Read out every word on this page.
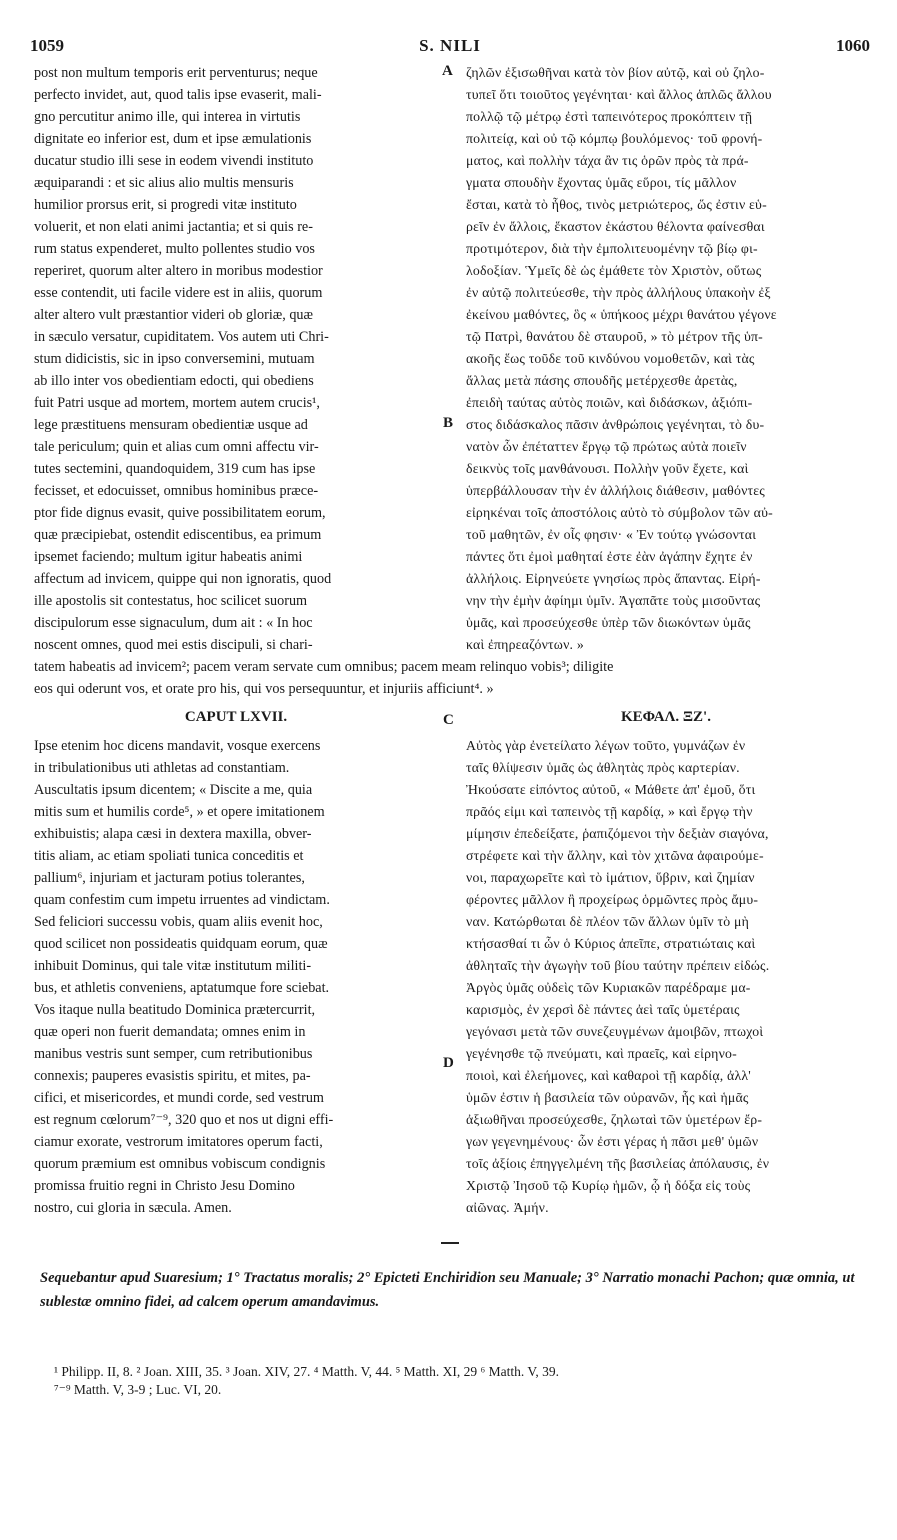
S. NILI
1059	1060
post non multum temporis erit perventurus; neque
perfecto invidet, aut, quod talis ipse evaserit, mali-
gno percutitur animo ille, qui interea in virtutis
dignitate eo inferior est, dum et ipse æmulationis
ducatur studio illi sese in eodem vivendi instituto
æquiparandi : et sic alius alio multis mensuris
humilior prorsus erit, si progredi vitæ instituto
voluerit, et non elati animi jactantia; et si quis re-
rum status expenderet, multo pollentes studio vos
reperiret, quorum alter altero in moribus modestior
esse contendit, uti facile videre est in aliis, quorum
alter altero vult præstantior videri ob gloriæ, quæ
in sæculo versatur, cupiditatem. Vos autem uti Chri-
stum didicistis, sic in ipso conversemini, mutuam
ab illo inter vos obedientiam edocti, qui obediens
fuit Patri usque ad mortem, mortem autem crucis¹,
lege præstituens mensuram obedientiæ usque ad
tale periculum; quin et alias cum omni affectu vir-
tutes sectemini, quandoquidem, 319 cum has ipse
fecisset, et edocuisset, omnibus hominibus præce-
ptor fide dignus evasit, quive possibilitatem eorum,
quæ præcipiebat, ostendit ediscentibus, ea primum
ipsemet faciendo; multum igitur habeatis animi
affectum ad invicem, quippe qui non ignoratis, quod
ille apostolis sit contestatus, hoc scilicet suorum
discipulorum esse signaculum, dum ait : « In hoc
noscent omnes, quod mei estis discipuli, si chari-
ζηλῶν ἐξισωθῆναι κατὰ τὸν βίον αὐτῷ, καὶ οὐ ζηλο-
τυπεῖ ὅτι τοιοῦτος γεγένηται· καὶ ἄλλος ἁπλῶς ἄλλου
πολλῷ τῷ μέτρῳ ἐστὶ ταπεινότερος προκόπτειν τῇ
πολιτείᾳ, καὶ οὐ τῷ κόμπῳ βουλόμενος· τοῦ φρονή-
ματος, καὶ πολλὴν τάχα ἂν τις ὁρῶν πρὸς τὰ πρά-
γματα σπουδὴν ἔχοντας ὑμᾶς εὕροι, τίς μᾶλλον
ἔσται, κατὰ τὸ ἦθος, τινὸς μετριώτερος, ὥς ἐστιν εὑ-
ρεῖν ἐν ἄλλοις, ἕκαστον ἑκάστου θέλοντα φαίνεσθαι
προτιμότερον, διὰ τὴν ἐμπολιτευομένην τῷ βίῳ φι-
λοδοξίαν. Ὑμεῖς δὲ ὡς ἐμάθετε τὸν Χριστὸν, οὕτως
ἐν αὐτῷ πολιτεύεσθε, τὴν πρὸς ἀλλήλους ὑπακοὴν ἐξ
ἐκείνου μαθόντες, ὃς « ὑπήκοος μέχρι θανάτου γέγονε
τῷ Πατρὶ, θανάτου δὲ σταυροῦ, » τὸ μέτρον τῆς ὑπ-
ακοῆς ἕως τοῦδε τοῦ κινδύνου νομοθετῶν, καὶ τὰς
ἄλλας μετὰ πάσης σπουδῆς μετέρχεσθε ἀρετὰς,
ἐπειδὴ ταύτας αὐτὸς ποιῶν, καὶ διδάσκων, ἀξιόπι-
στος διδάσκαλος πᾶσιν ἀνθρώποις γεγένηται, τὸ δυ-
νατὸν ὧν ἐπέταττεν ἔργῳ τῷ πρώτως αὐτὰ ποιεῖν
δεικνὺς τοῖς μανθάνουσι. Πολλὴν γοῦν ἔχετε, καὶ
ὑπερβάλλουσαν τὴν ἐν ἀλλήλοις διάθεσιν, μαθόντες
εἰρηκέναι τοῖς ἀποστόλοις αὐτὸ τὸ σύμβολον τῶν αὐ-
τοῦ μαθητῶν, ἐν οἷς φησιν· « Ἐν τούτῳ γνώσονται
πάντες ὅτι ἐμοὶ μαθηταί ἐστε ἐὰν ἀγάπην ἔχητε ἐν
ἀλλήλοις. Εἰρηνεύετε γνησίως πρὸς ἅπαντας. Εἰρή-
νην τὴν ἐμὴν ἀφίημι ὑμῖν. Ἀγαπᾶτε τοὺς μισοῦντας
ὑμᾶς, καὶ προσεύχεσθε ὑπὲρ τῶν διωκόντων ὑμᾶς
καὶ ἐπηρεαζόντων. »
A
B
tatem habeatis ad invicem²; pacem veram servate cum omnibus; pacem meam relinquo vobis³; diligite
eos qui oderunt vos, et orate pro his, qui vos persequuntur, et injuriis afficiunt⁴. »
CAPUT LXVII.	C	ΚΕΦΑΛ. ΞΖ'.
Ipse etenim hoc dicens mandavit, vosque exercens
in tribulationibus uti athletas ad constantiam.
Auscultatis ipsum dicentem; « Discite a me, quia
mitis sum et humilis corde⁵, » et opere imitationem
exhibuistis; alapa cæsi in dextera maxilla, obver-
titis aliam, ac etiam spoliati tunica conceditis et
pallium⁶, injuriam et jacturam potius tolerantes,
quam confestim cum impetu irruentes ad vindictam.
Sed feliciori successu vobis, quam aliis evenit hoc,
quod scilicet non possideatis quidquam eorum, quæ
inhibuit Dominus, qui tale vitæ institutum militi-
bus, et athletis conveniens, aptatumque fore sciebat.
Vos itaque nulla beatitudo Dominica prætercurrit,
quæ operi non fuerit demandata; omnes enim in
manibus vestris sunt semper, cum retributionibus
connexis; pauperes evasistis spiritu, et mites, pa-
cifici, et misericordes, et mundi corde, sed vestrum
est regnum cœlorum⁷⁻⁹, 320 quo et nos ut digni effi-
ciamur exorate, vestrorum imitatores operum facti,
quorum præmium est omnibus vobiscum condignis
promissa fruitio regni in Christo Jesu Domino
nostro, cui gloria in sæcula. Amen.
Αὐτὸς γὰρ ἐνετείλατο λέγων τοῦτο, γυμνάζων ἐν
ταῖς θλίψεσιν ὑμᾶς ὡς ἀθλητὰς πρὸς καρτερίαν.
Ἠκούσατε εἰπόντος αὐτοῦ, « Μάθετε ἀπ' ἐμοῦ, ὅτι
πρᾶός εἰμι καὶ ταπεινὸς τῇ καρδίᾳ, » καὶ ἔργῳ τὴν
μίμησιν ἐπεδείξατε, ῥαπιζόμενοι τὴν δεξιὰν σιαγόνα,
στρέφετε καὶ τὴν ἄλλην, καὶ τὸν χιτῶνα ἀφαιρούμε-
νοι, παραχωρεῖτε καὶ τὸ ἱμάτιον, ὕβριν, καὶ ζημίαν
φέροντες μᾶλλον ἢ προχείρως ὁρμῶντες πρὸς ἄμυ-
ναν. Κατώρθωται δὲ πλέον τῶν ἄλλων ὑμῖν τὸ μὴ
κτήσασθαί τι ὧν ὁ Κύριος ἀπεῖπε, στρατιώταις καὶ
ἀθληταῖς τὴν ἀγωγὴν τοῦ βίου ταύτην πρέπειν εἰδώς.
Ἀργὸς ὑμᾶς οὐδεὶς τῶν Κυριακῶν παρέδραμε μα-
καρισμὸς, ἐν χερσὶ δὲ πάντες ἀεὶ ταῖς ὑμετέραις
γεγόνασι μετὰ τῶν συνεζευγμένων ἀμοιβῶν, πτωχοὶ
γεγένησθε τῷ πνεύματι, καὶ πραεῖς, καὶ εἰρηνο-
ποιοὶ, καὶ ἐλεήμονες, καὶ καθαροὶ τῇ καρδίᾳ, ἀλλ'
ὑμῶν ἐστιν ἡ βασιλεία τῶν οὐρανῶν, ἧς καὶ ἡμᾶς
ἀξιωθῆναι προσεύχεσθε, ζηλωταὶ τῶν ὑμετέρων ἔρ-
γων γεγενημένους· ὧν ἐστι γέρας ἡ πᾶσι μεθ' ὑμῶν
τοῖς ἀξίοις ἐπηγγελμένη τῆς βασιλείας ἀπόλαυσις, ἐν
Χριστῷ Ἰησοῦ τῷ Κυρίῳ ἡμῶν, ᾧ ἡ δόξα εἰς τοὺς
αἰῶνας. Ἀμήν.
D
Sequebantur apud Suaresium; 1° Tractatus moralis; 2° Epicteti Enchiridion seu Manuale; 3° Narratio monachi Pachon; quæ omnia, ut sublestæ omnino fidei, ad calcem operum amandavimus.
¹ Philipp. II, 8. ² Joan. XIII, 35. ³ Joan. XIV, 27. ⁴ Matth. V, 44. ⁵ Matth. XI, 29 ⁶ Matth. V, 39.
⁷⁻⁹ Matth. V, 3-9 ; Luc. VI, 20.
